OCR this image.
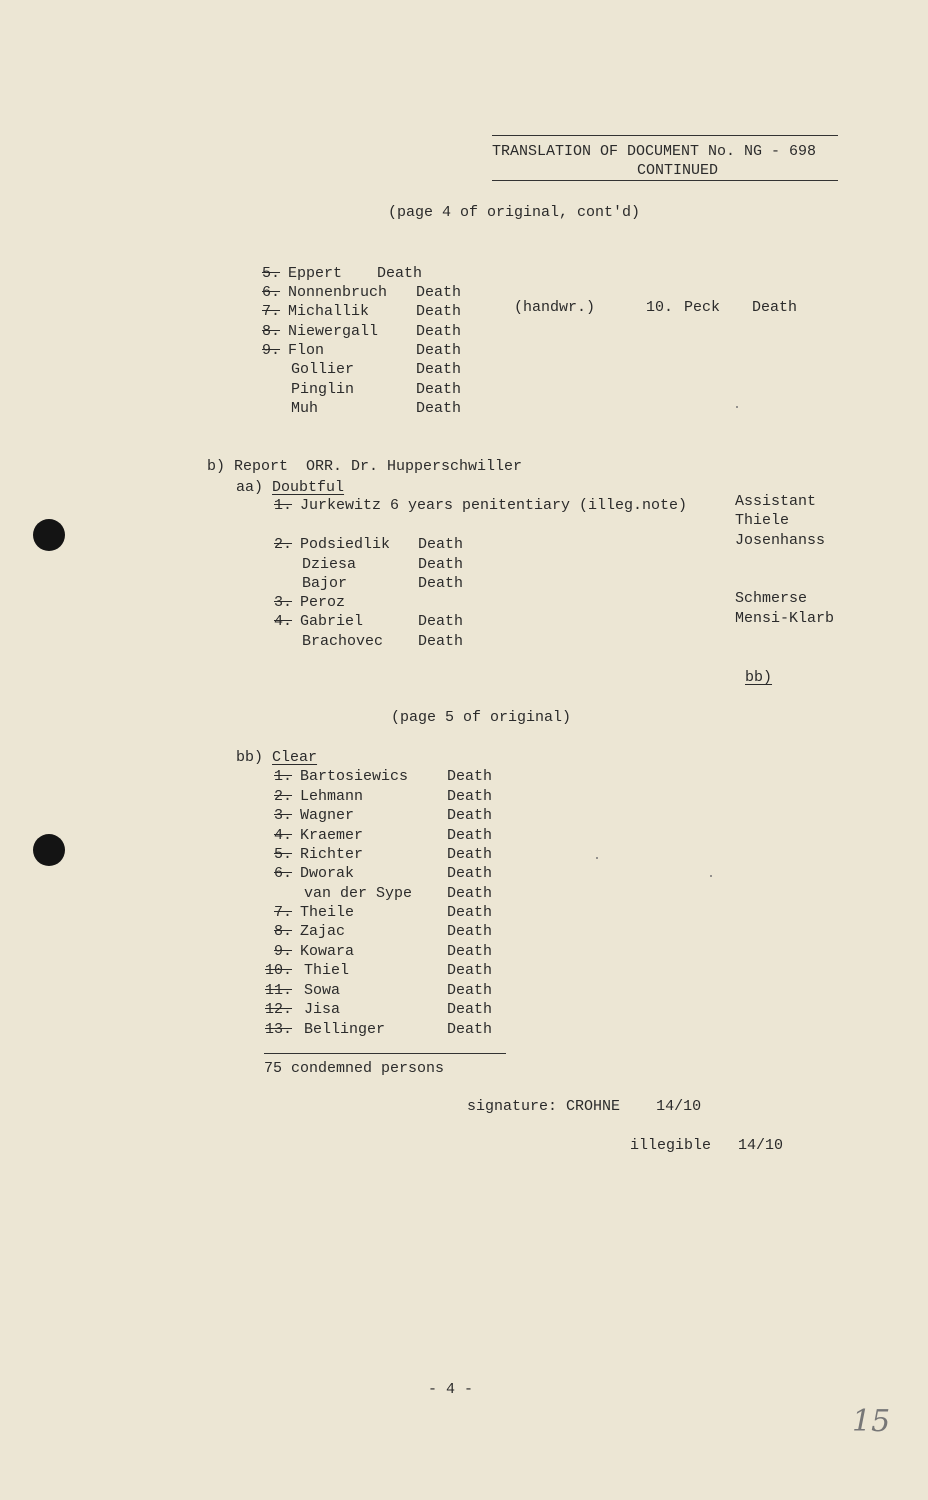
TRANSLATION OF DOCUMENT No. NG - 698
CONTINUED
(page 4 of original, cont'd)
5. Eppert Death
6. Nonnenbruch Death
7. Michallik	Death
8. Niewergall	Death
9. Flon	Death
Gollier	Death
Pinglin	Death
Muh	Death
(handwr.)	10. Peck Death
b) Report  ORR. Dr. Hupperschwiller
aa) Doubtful
1. Jurkewitz 6 years penitentiary (illeg.note)
2. Podsiedlik Death
Dziesa	Death
Bajor	Death
3. Peroz
4. Gabriel	Death
Brachovec Death
Assistant
Thiele
Josenhanss
Schmerse
Mensi-Klarb
bb)
(page 5 of original)
bb) Clear
1. Bartosiewics	Death
2. Lehmann	Death
3. Wagner	Death
4. Kraemer	Death
5. Richter	Death
6. Dworak	Death
van der Sype Death
7. Theile	Death
8. Zajac	Death
9. Kowara	Death
10. Thiel	Death
11. Sowa	Death
12. Jisa	Death
13. Bellinger	Death
75 condemned persons
signature: CROHNE 14/10
illegible 14/10
- 4 -
15
